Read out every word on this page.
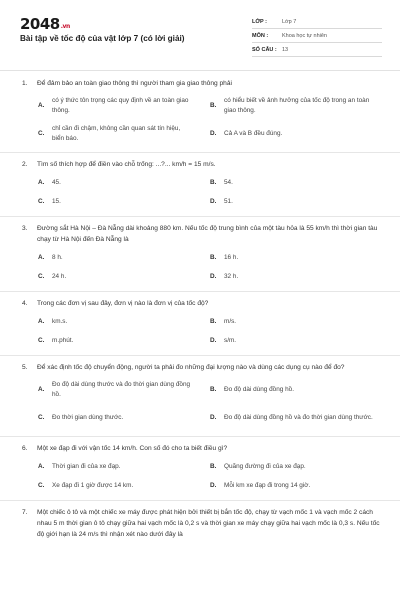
2048.vn
Bài tập về tốc độ của vật lớp 7 (có lời giải)
LỚP :	Lớp 7
MÔN :	Khoa học tự nhiên
SỐ CÂU : 13
1.	Để đảm bảo an toàn giao thông thì người tham gia giao thông phải
A.
có ý thức tôn trọng các quy định về an toàn giao thông.
B.
có hiểu biết về ảnh hưởng của tốc độ trong an toàn giao thông.
C.
chỉ cần đi chậm, không cần quan sát tín hiệu, biển báo.
D.	Cả A và B đều đúng.
2.	Tìm số thích hợp để điền vào chỗ trống: ...?... km/h = 15 m/s.
A.	45.	B.	54.
C.	15.	D.	51.
3.	Đường sắt Hà Nội – Đà Nẵng dài khoảng 880 km. Nếu tốc độ trung bình của một tàu hỏa là 55 km/h thì thời gian tàu chạy từ Hà Nội đến Đà Nẵng là
A.	8 h.	B.	16 h.
C.	24 h.	D.	32 h.
4.	Trong các đơn vị sau đây, đơn vị nào là đơn vị của tốc độ?
A.	km.s.	B.	m/s.
C.	m.phút.	D.	s/m.
5.	Để xác định tốc độ chuyển động, người ta phải đo những đại lượng nào và dùng các dụng cụ nào để đo?
A.
Đo độ dài dùng thước và đo thời gian dùng đồng hồ.
B.	Đo độ dài dùng đồng hồ.
C.	Đo thời gian dùng thước.	D.	Đo độ dài dùng đồng hồ và đo thời gian dùng thước.
6.	Một xe đạp đi với vận tốc 14 km/h. Con số đó cho ta biết điều gì?
A.	Thời gian đi của xe đạp.	B.	Quãng đường đi của xe đạp.
C.	Xe đạp đi 1 giờ được 14 km.	D.	Mỗi km xe đạp đi trong 14 giờ.
7.	Một chiếc ô tô và một chiếc xe máy được phát hiện bởi thiết bị bắn tốc độ, chạy từ vạch mốc 1 và vạch mốc 2 cách nhau 5 m thời gian ô tô chạy giữa hai vạch mốc là 0,2 s và thời gian xe máy chạy giữa hai vạch mốc là 0,3 s. Nếu tốc độ giới hạn là 24 m/s thì nhận xét nào dưới đây là
